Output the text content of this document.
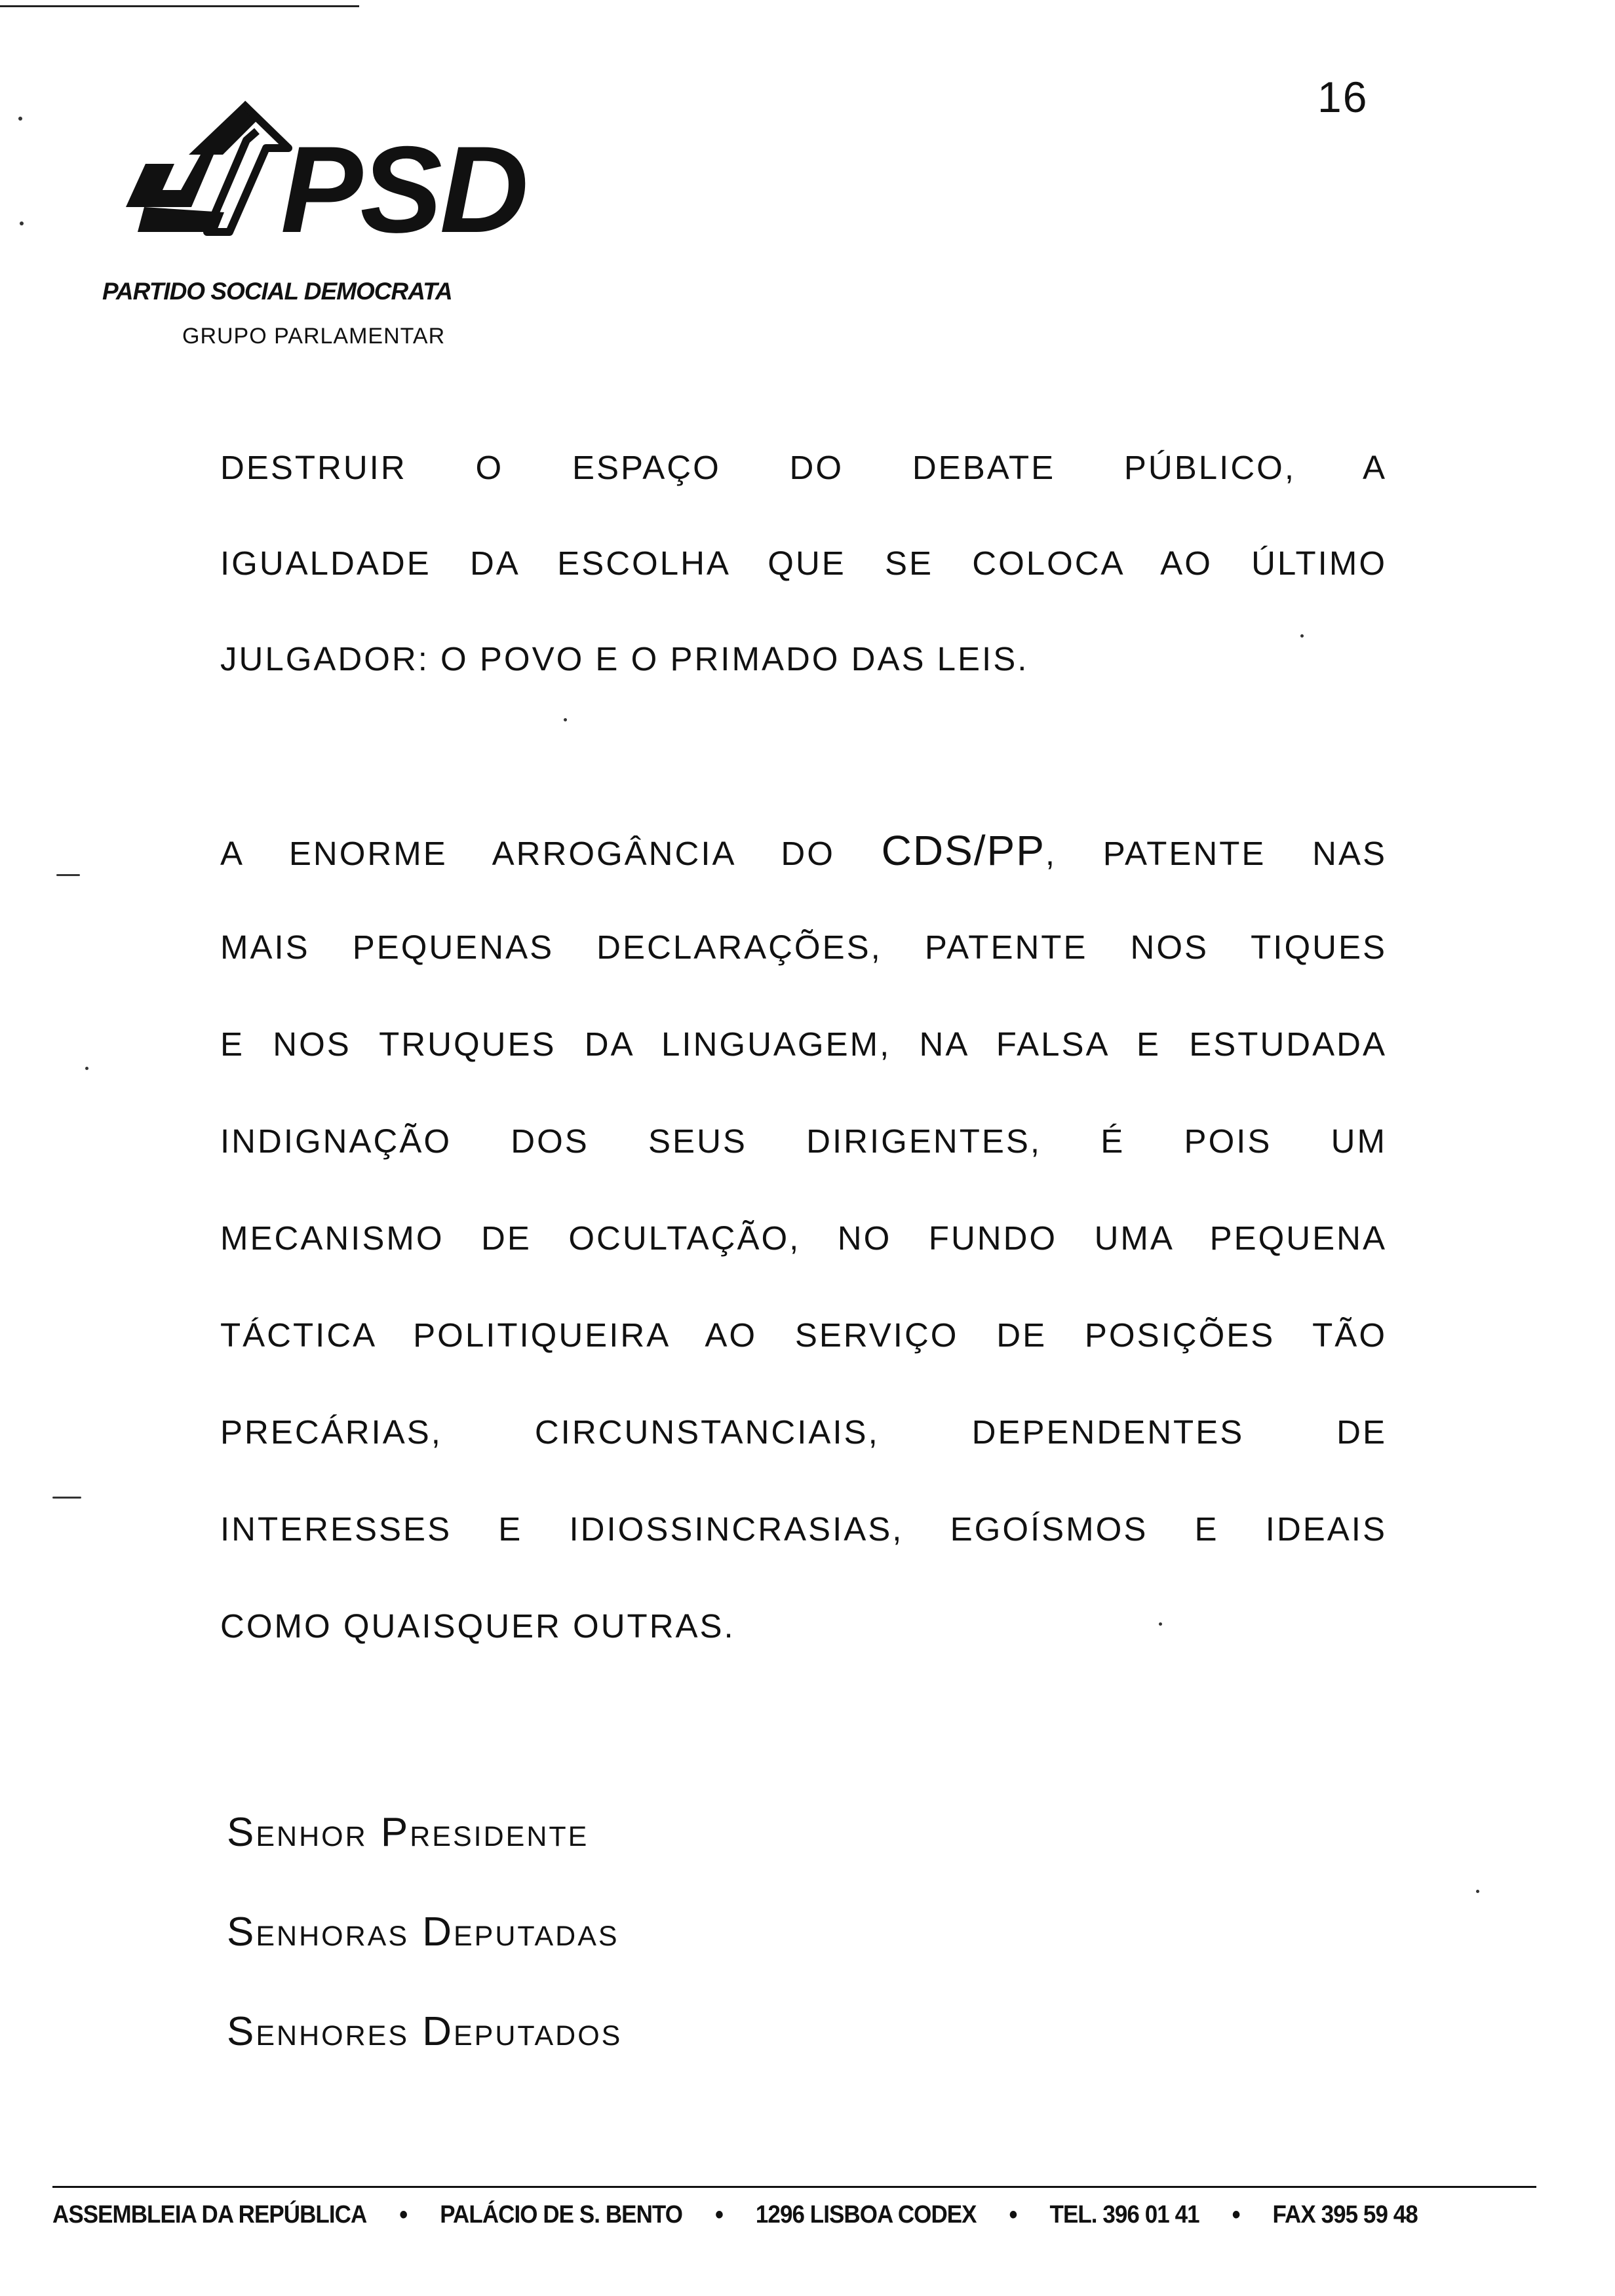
16
PSD
PARTIDO SOCIAL DEMOCRATA
GRUPO PARLAMENTAR
DESTRUIR O ESPAÇO DO DEBATE PÚBLICO, A
IGUALDADE DA ESCOLHA QUE SE COLOCA AO ÚLTIMO
JULGADOR: O POVO E O PRIMADO DAS LEIS.
A ENORME ARROGÂNCIA DO CDS/PP, PATENTE NAS
MAIS PEQUENAS DECLARAÇÕES, PATENTE NOS TIQUES
E NOS TRUQUES DA LINGUAGEM, NA FALSA E ESTUDADA
INDIGNAÇÃO DOS SEUS DIRIGENTES, É POIS UM
MECANISMO DE OCULTAÇÃO, NO FUNDO UMA PEQUENA
TÁCTICA POLITIQUEIRA AO SERVIÇO DE POSIÇÕES TÃO
PRECÁRIAS, CIRCUNSTANCIAIS, DEPENDENTES DE
INTERESSES E IDIOSSINCRASIAS, EGOÍSMOS E IDEAIS
COMO QUAISQUER OUTRAS.
Senhor Presidente
Senhoras Deputadas
Senhores Deputados
ASSEMBLEIA DA REPÚBLICA • PALÁCIO DE S. BENTO • 1296 LISBOA CODEX • TEL. 396 01 41 • FAX 395 59 48
